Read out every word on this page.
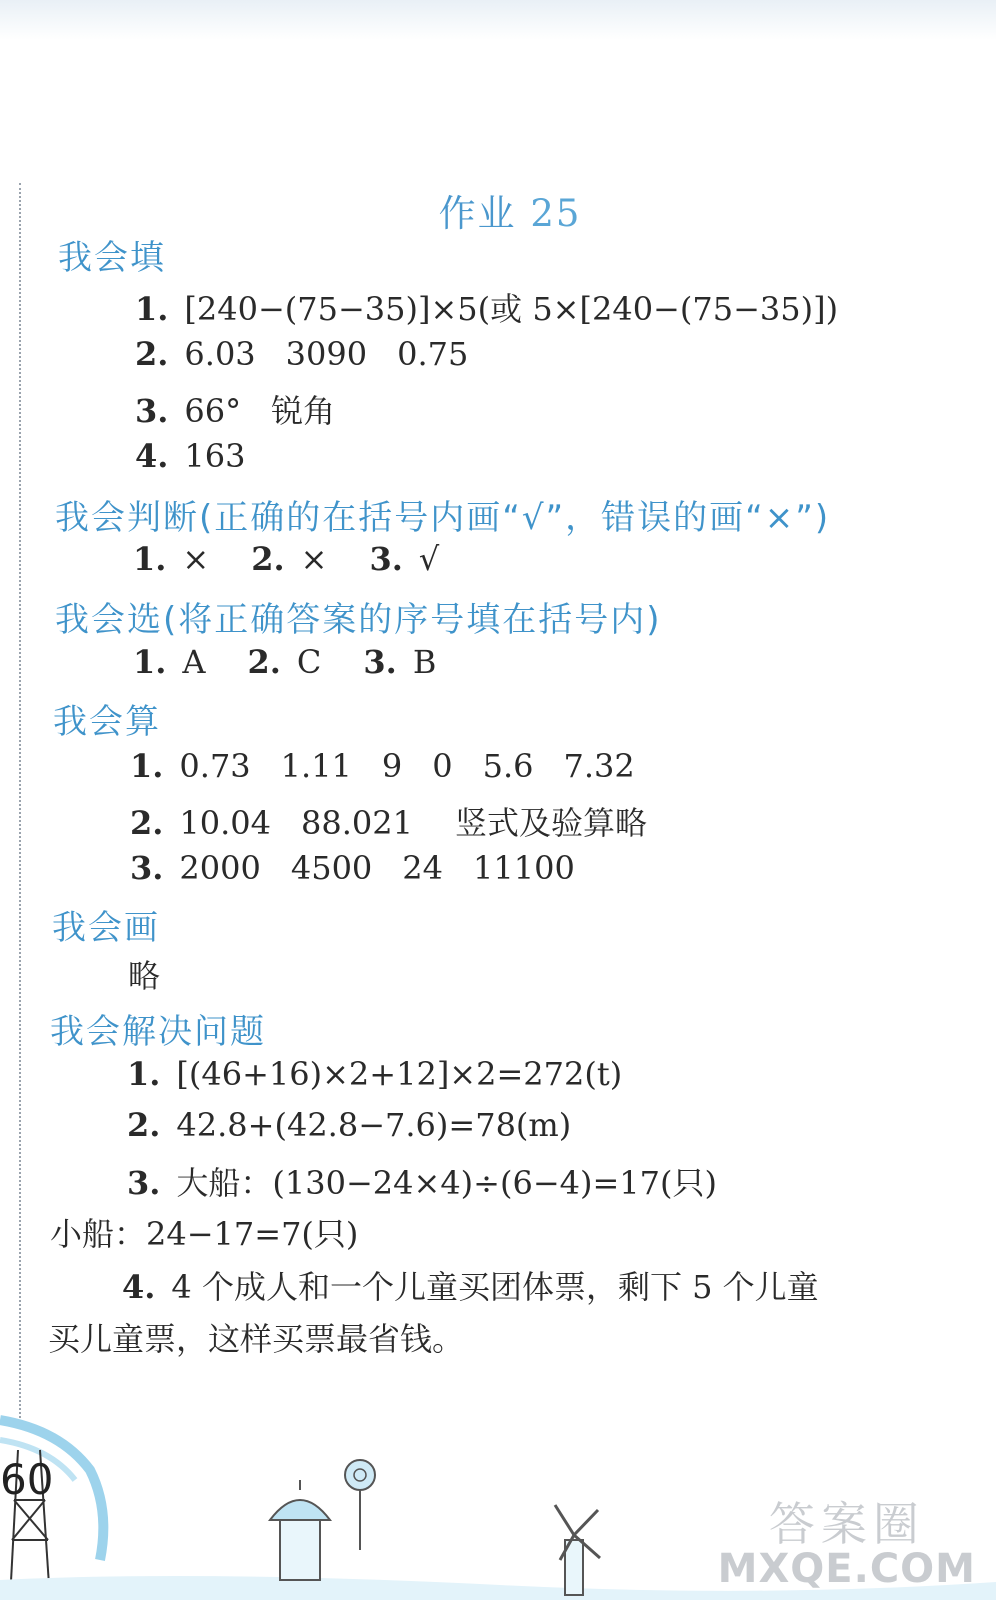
作业 25
我会填
1. [240−(75−35)]×5(或 5×[240−(75−35)])
2. 6.03 3090 0.75
3. 66° 锐角
4. 163
我会判断(正确的在括号内画“√”，错误的画“×”)
1. × 2. × 3. √
我会选(将正确答案的序号填在括号内)
1. A 2. C 3. B
我会算
1. 0.73 1.11 9 0 5.6 7.32
2. 10.04 88.021 竖式及验算略
3. 2000 4500 24 11100
我会画
略
我会解决问题
1. [(46+16)×2+12]×2=272(t)
2. 42.8+(42.8−7.6)=78(m)
3. 大船：(130−24×4)÷(6−4)=17(只)
小船：24−17=7(只)
4. 4 个成人和一个儿童买团体票，剩下 5 个儿童
买儿童票，这样买票最省钱。
60
答案圈
MXQE.COM
